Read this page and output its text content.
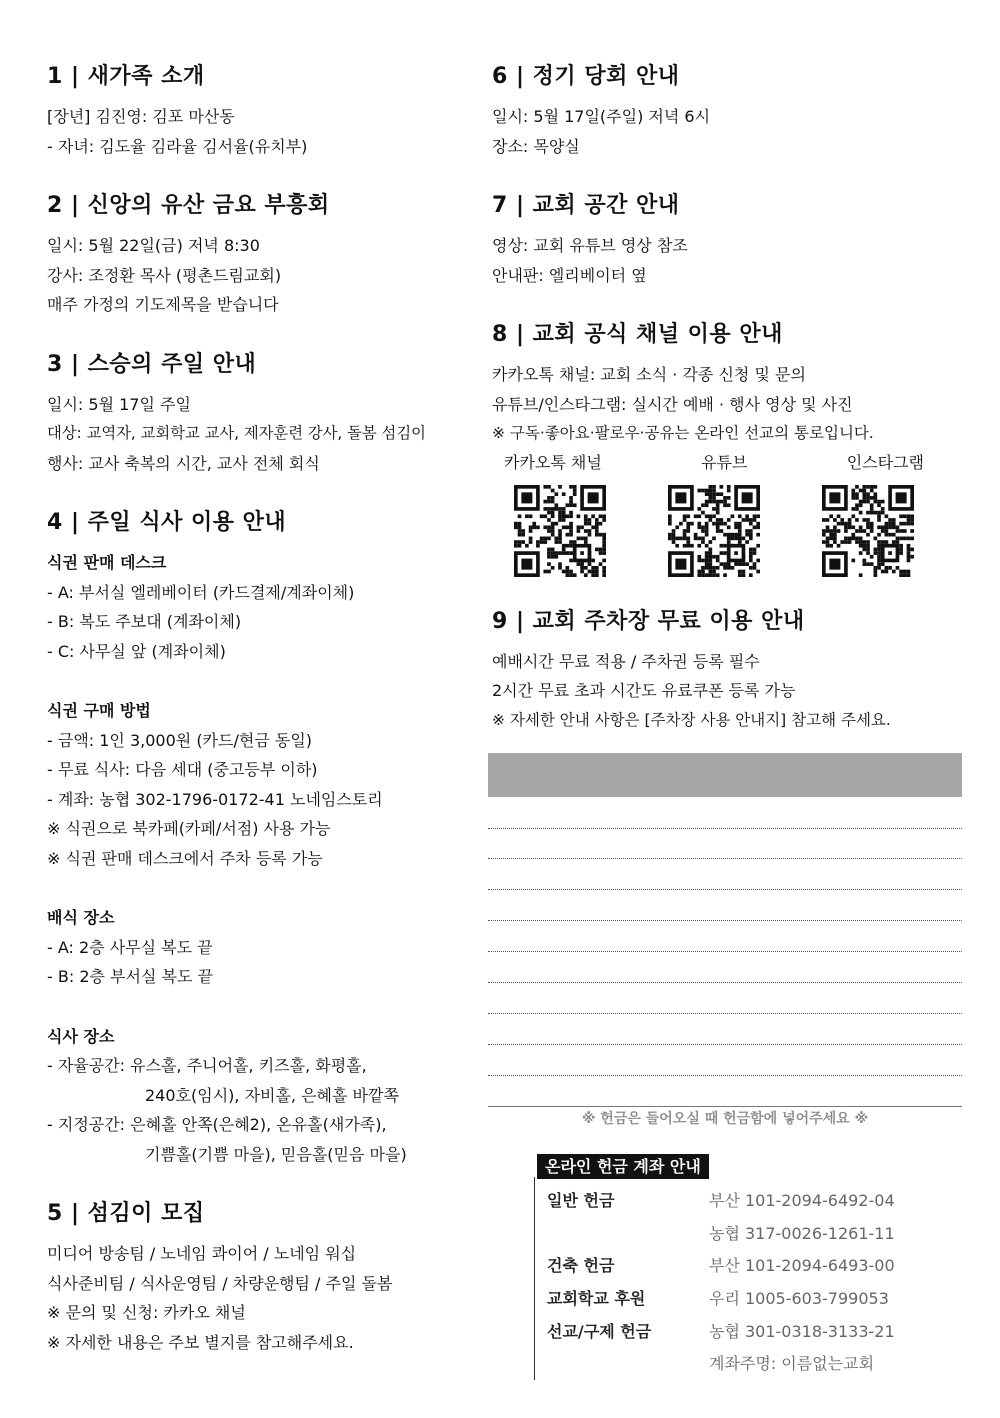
1 | 새가족 소개
[장년] 김진영: 김포 마산동
- 자녀: 김도율 김라율 김서율(유치부)
2 | 신앙의 유산 금요 부흥회
일시: 5월 22일(금) 저녁 8:30
강사: 조정환 목사 (평촌드림교회)
매주 가정의 기도제목을 받습니다
3 | 스승의 주일 안내
일시: 5월 17일 주일
대상: 교역자, 교회학교 교사, 제자훈련 강사, 돌봄 섬김이
행사: 교사 축복의 시간, 교사 전체 회식
4 | 주일 식사 이용 안내
식권 판매 데스크
- A: 부서실 엘레베이터 (카드결제/계좌이체)
- B: 복도 주보대 (계좌이체)
- C: 사무실 앞 (계좌이체)
식권 구매 방법
- 금액: 1인 3,000원 (카드/현금 동일)
- 무료 식사: 다음 세대 (중고등부 이하)
- 계좌: 농협 302-1796-0172-41 노네임스토리
※ 식권으로 북카페(카페/서점) 사용 가능
※ 식권 판매 데스크에서 주차 등록 가능
배식 장소
- A: 2층 사무실 복도 끝
- B: 2층 부서실 복도 끝
식사 장소
- 자율공간: 유스홀, 주니어홀, 키즈홀, 화평홀,
240호(임시), 자비홀, 은혜홀 바깥쪽
- 지정공간: 은혜홀 안쪽(은혜2), 온유홀(새가족),
기쁨홀(기쁨 마을), 믿음홀(믿음 마을)
5 | 섬김이 모집
미디어 방송팀 / 노네임 콰이어 / 노네임 워십
식사준비팀 / 식사운영팀 / 차량운행팀 / 주일 돌봄
※ 문의 및 신청: 카카오 채널
※ 자세한 내용은 주보 별지를 참고해주세요.
6 | 정기 당회 안내
일시: 5월 17일(주일) 저녁 6시
장소: 목양실
7 | 교회 공간 안내
영상: 교회 유튜브 영상 참조
안내판: 엘리베이터 옆
8 | 교회 공식 채널 이용 안내
카카오톡 채널: 교회 소식 · 각종 신청 및 문의
유튜브/인스타그램: 실시간 예배 · 행사 영상 및 사진
※ 구독·좋아요·팔로우·공유는 온라인 선교의 통로입니다.
카카오톡 채널	유튜브	인스타그램
9 | 교회 주차장 무료 이용 안내
예배시간 무료 적용 / 주차권 등록 필수
2시간 무료 초과 시간도 유료쿠폰 등록 가능
※ 자세한 안내 사항은 [주차장 사용 안내지] 참고해 주세요.
※ 헌금은 들어오실 때 헌금함에 넣어주세요 ※
온라인 헌금 계좌 안내
일반 헌금	부산 101-2094-6492-04
농협 317-0026-1261-11
건축 헌금	부산 101-2094-6493-00
교회학교 후원	우리 1005-603-799053
선교/구제 헌금	농협 301-0318-3133-21
계좌주명: 이름없는교회
